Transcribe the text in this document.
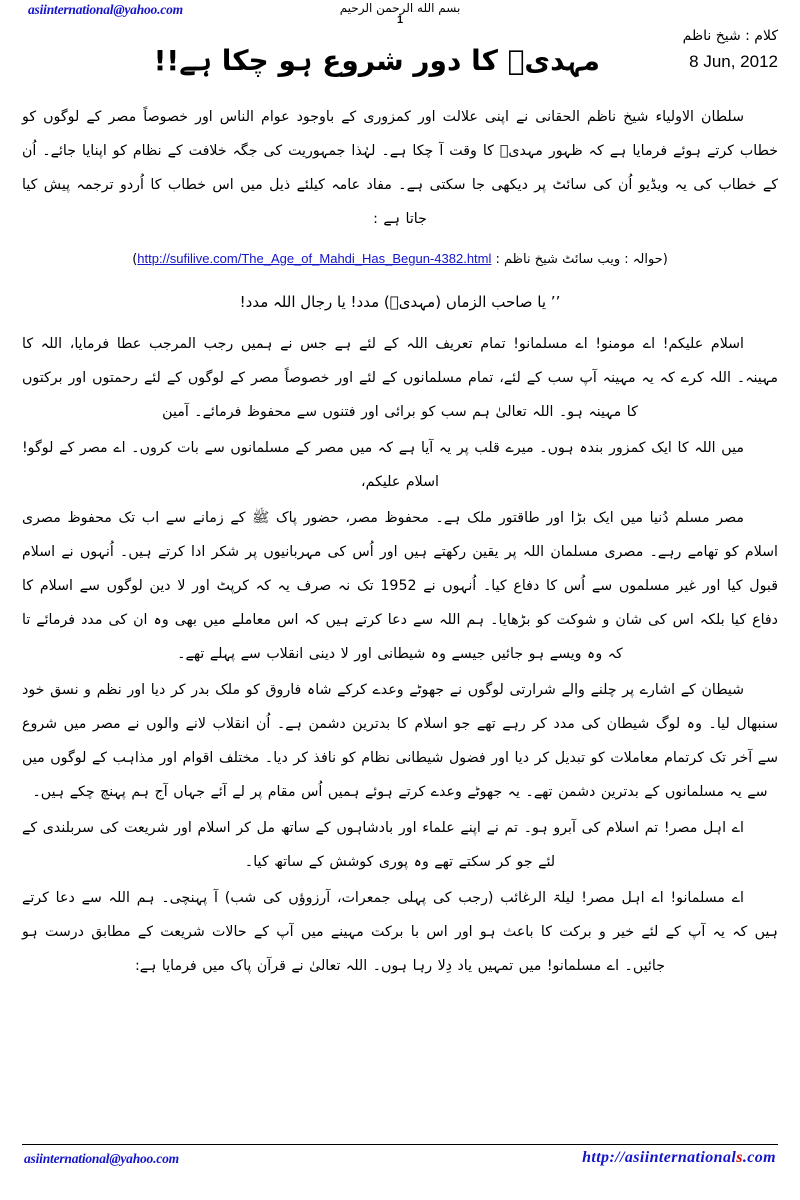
asiinternational@yahoo.com	بسم الله الرحمن الرحيم
1
مہدیؑ کا دور شروع ہو چکا ہے!!
کلام : شیخ ناظم
8 Jun, 2012

سلطان الاولیاء شیخ ناظم الحقانی نے اپنی علالت اور کمزوری کے باوجود عوام الناس اور خصوصاً مصر کے لوگوں کو خطاب کرتے ہوئے فرمایا ہے کہ ظہور مہدیؑ کا وقت آ چکا ہے۔ لہٰذا جمہوریت کی جگہ خلافت کے نظام کو اپنایا جائے۔ اُن کے خطاب کی یہ ویڈیو اُن کی سائٹ پر دیکھی جا سکتی ہے۔ مفاد عامہ کیلئے ذیل میں اس خطاب کا اُردو ترجمہ پیش کیا جاتا ہے :

(حوالہ : ویب سائٹ شیخ ناظم : http://sufilive.com/The_Age_of_Mahdi_Has_Begun-4382.html)
’’ یا صاحب الزماں (مہدیؑ) مدد! یا رجال اللہ مدد!

اسلام علیکم! اے مومنو! اے مسلمانو! تمام تعریف اللہ کے لئے ہے جس نے ہمیں رجب المرجب عطا فرمایا، اللہ کا مہینہ۔ اللہ کرے کہ یہ مہینہ آپ سب کے لئے، تمام مسلمانوں کے لئے اور خصوصاً مصر کے لوگوں کے لئے رحمتوں اور برکتوں کا مہینہ ہو۔ اللہ تعالیٰ ہم سب کو برائی اور فتنوں سے محفوظ فرمائے۔ آمین

میں اللہ کا ایک کمزور بندہ ہوں۔ میرے قلب پر یہ آیا ہے کہ میں مصر کے مسلمانوں سے بات کروں۔ اے مصر کے لوگو! اسلام علیکم،

مصر مسلم دُنیا میں ایک بڑا اور طاقتور ملک ہے۔ محفوظ مصر، حضور پاک ﷺ کے زمانے سے اب تک محفوظ مصری اسلام کو تھامے رہے۔ مصری مسلمان اللہ پر یقین رکھتے ہیں اور اُس کی مہربانیوں پر شکر ادا کرتے ہیں۔ اُنہوں نے اسلام قبول کیا اور غیر مسلموں سے اُس کا دفاع کیا۔ اُنہوں نے 1952 تک نہ صرف یہ کہ کرپٹ اور لا دین لوگوں سے اسلام کا دفاع کیا بلکہ اس کی شان و شوکت کو بڑھایا۔ ہم اللہ سے دعا کرتے ہیں کہ اس معاملے میں بھی وہ ان کی مدد فرمائے تا کہ وہ ویسے ہو جائیں جیسے وہ شیطانی اور لا دینی انقلاب سے پہلے تھے۔

شیطان کے اشارے پر چلنے والے شرارتی لوگوں نے جھوٹے وعدے کرکے شاہ فاروق کو ملک بدر کر دیا اور نظم و نسق خود سنبھال لیا۔ وہ لوگ شیطان کی مدد کر رہے تھے جو اسلام کا بدترین دشمن ہے۔ اُن انقلاب لانے والوں نے مصر میں شروع سے آخر تک کرتمام معاملات کو تبدیل کر دیا اور فضول شیطانی نظام کو نافذ کر دیا۔ مختلف اقوام اور مذاہب کے لوگوں میں سے یہ مسلمانوں کے بدترین دشمن تھے۔ یہ جھوٹے وعدے کرتے ہوئے ہمیں اُس مقام پر لے آئے جہاں آج ہم پہنچ چکے ہیں۔

اے اہل مصر! تم اسلام کی آبرو ہو۔ تم نے اپنے علماء اور بادشاہوں کے ساتھ مل کر اسلام اور شریعت کی سربلندی کے لئے جو کر سکتے تھے وہ پوری کوشش کے ساتھ کیا۔

اے مسلمانو! اے اہل مصر! لیلۃ الرغائب (رجب کی پہلی جمعرات، آرزوؤں کی شب) آ پہنچی۔ ہم اللہ سے دعا کرتے ہیں کہ یہ آپ کے لئے خیر و برکت کا باعث ہو اور اس با برکت مہینے میں آپ کے حالات شریعت کے مطابق درست ہو جائیں۔ اے مسلمانو! میں تمہیں یاد دِلا رہا ہوں۔ اللہ تعالیٰ نے قرآن پاک میں فرمایا ہے:

asiinternational@yahoo.com	http://asiinternationals.com
